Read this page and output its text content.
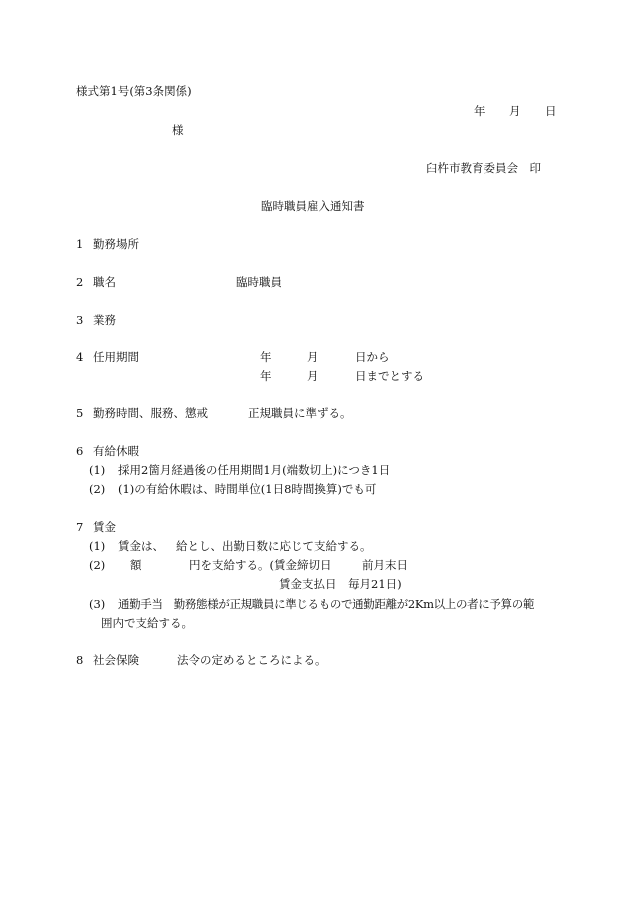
様式第1号(第3条関係)
年 月 日
様
臼杵市教育委員会　印
臨時職員雇入通知書
1 勤務場所
2 職名	臨時職員
3 業務
4 任用期間	年	月	日から
年	月	日までとする
5 勤務時間、服務、懲戒	正規職員に準ずる。
6 有給休暇
(1) 採用2箇月経過後の任用期間1月(端数切上)につき1日
(2) (1)の有給休暇は、時間単位(1日8時間換算)でも可
7 賃金
(1) 賃金は、 給とし、出勤日数に応じて支給する。
(2) 額	円を支給する。(賃金締切日	前月末日
賃金支払日 毎月21日)
(3) 通勤手当　勤務態様が正規職員に準じるもので通勤距離が2Km以上の者に予算の範
囲内で支給する。
8 社会保険	法令の定めるところによる。
